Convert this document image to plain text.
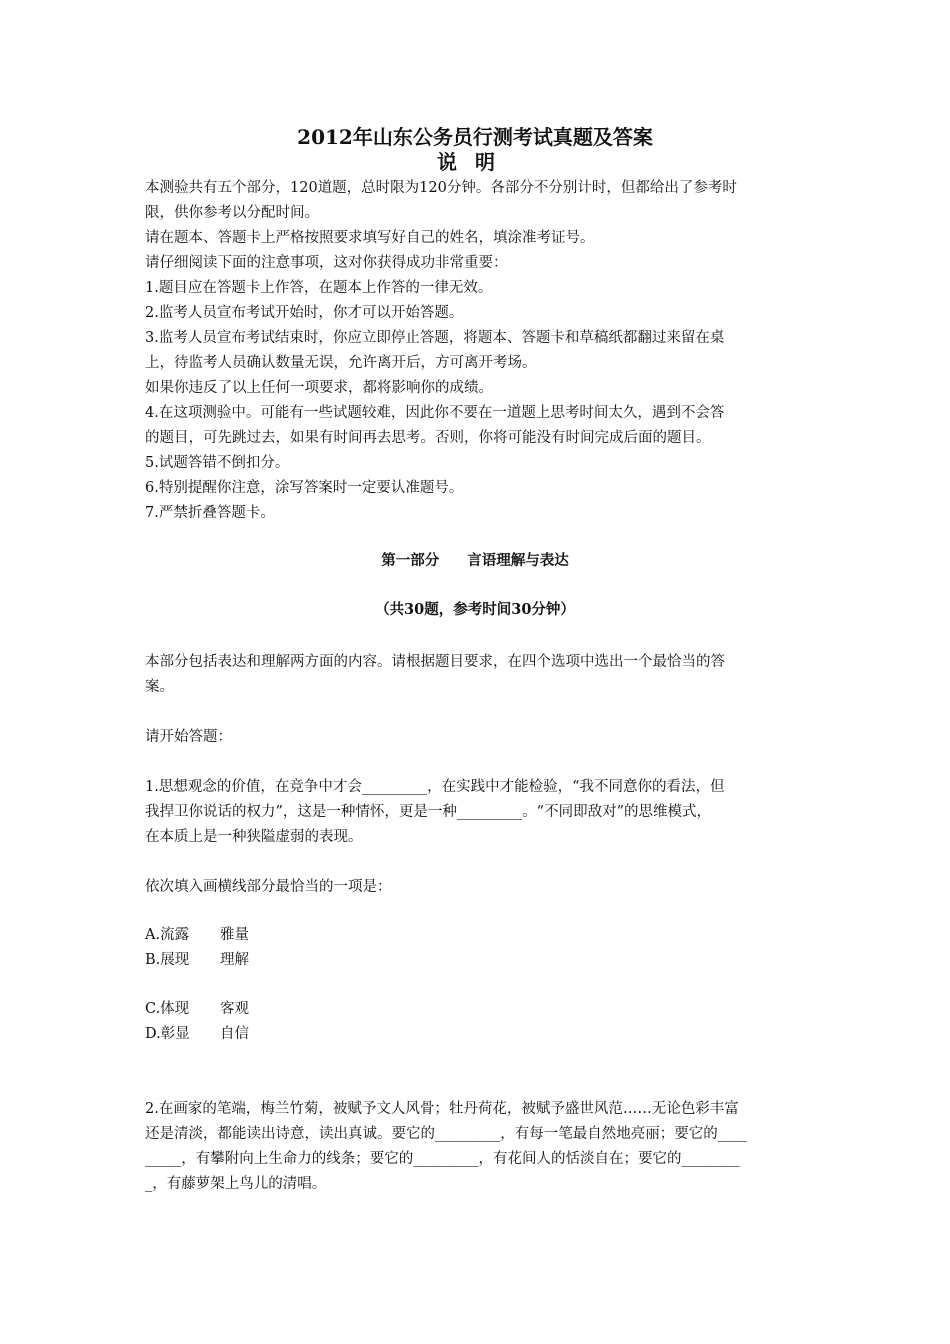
2012年山东公务员行测考试真题及答案
说明
本测验共有五个部分，120道题，总时限为120分钟。各部分不分别计时，但都给出了参考时
限，供你参考以分配时间。
请在题本、答题卡上严格按照要求填写好自己的姓名，填涂准考证号。
请仔细阅读下面的注意事项，这对你获得成功非常重要：
1.题目应在答题卡上作答，在题本上作答的一律无效。
2.监考人员宣布考试开始时，你才可以开始答题。
3.监考人员宣布考试结束时，你应立即停止答题，将题本、答题卡和草稿纸都翻过来留在桌
上，待监考人员确认数量无误，允许离开后，方可离开考场。
如果你违反了以上任何一项要求，都将影响你的成绩。
4.在这项测验中。可能有一些试题较难，因此你不要在一道题上思考时间太久，遇到不会答
的题目，可先跳过去，如果有时间再去思考。否则，你将可能没有时间完成后面的题目。
5.试题答错不倒扣分。
6.特别提醒你注意，涂写答案时一定要认准题号。
7.严禁折叠答题卡。
第一部分 言语理解与表达
（共30题，参考时间30分钟）
本部分包括表达和理解两方面的内容。请根据题目要求，在四个选项中选出一个最恰当的答
案。
请开始答题：
1.思想观念的价值，在竞争中才会_________，在实践中才能检验，“我不同意你的看法，但
我捍卫你说话的权力”，这是一种情怀，更是一种_________。“不同即敌对”的思维模式，
在本质上是一种狭隘虚弱的表现。
依次填入画横线部分最恰当的一项是：
A.流露 雅量
B.展现 理解
C.体现 客观
D.彰显 自信
2.在画家的笔端，梅兰竹菊，被赋予文人风骨；牡丹荷花，被赋予盛世风范……无论色彩丰富
还是清淡，都能读出诗意，读出真诚。要它的_________，有每一笔最自然地亮丽；要它的____
_____，有攀附向上生命力的线条；要它的_________，有花间人的恬淡自在；要它的________
_，有藤萝架上鸟儿的清唱。
